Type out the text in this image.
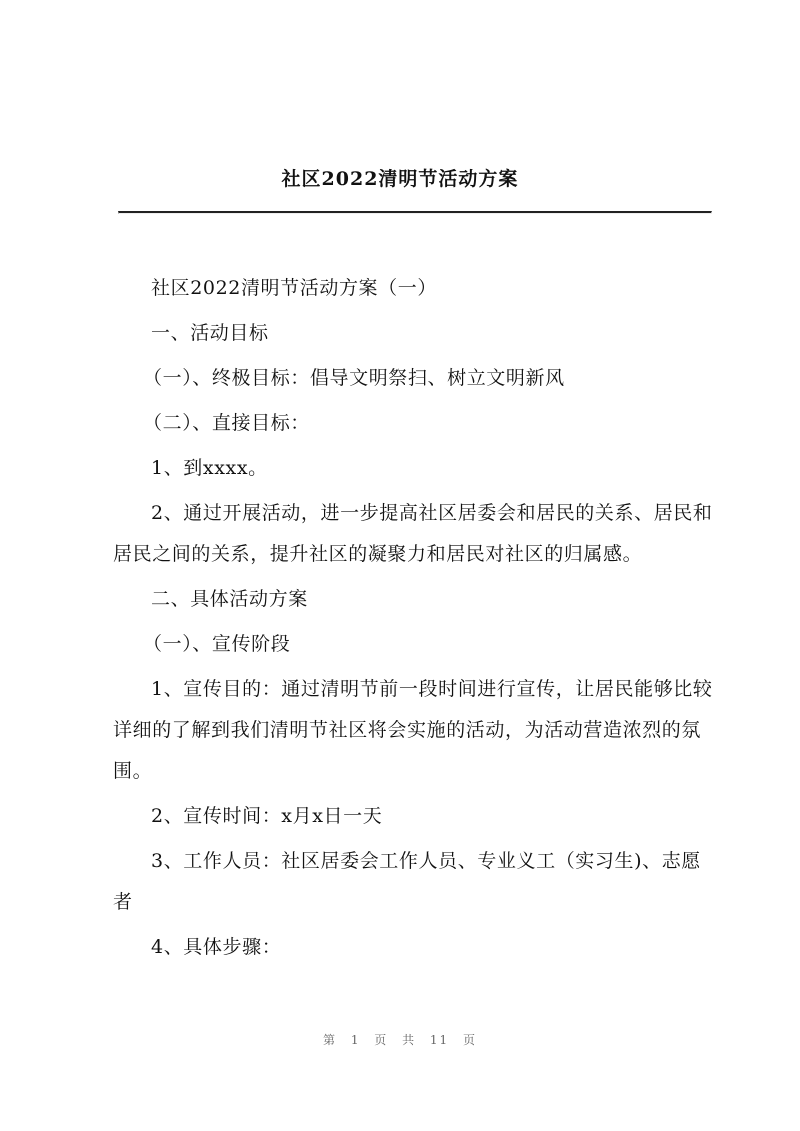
社区2022清明节活动方案

社区2022清明节活动方案（一）

一、活动目标

（一）、终极目标：倡导文明祭扫、树立文明新风

（二）、直接目标：

1、到xxxx。

2、通过开展活动，进一步提高社区居委会和居民的关系、居民和居民之间的关系，提升社区的凝聚力和居民对社区的归属感。

二、具体活动方案

（一）、宣传阶段

1、宣传目的：通过清明节前一段时间进行宣传，让居民能够比较详细的了解到我们清明节社区将会实施的活动，为活动营造浓烈的氛围。

2、宣传时间：x月x日一天

3、工作人员：社区居委会工作人员、专业义工（实习生)、志愿者

4、具体步骤：

第 1 页 共 11 页
